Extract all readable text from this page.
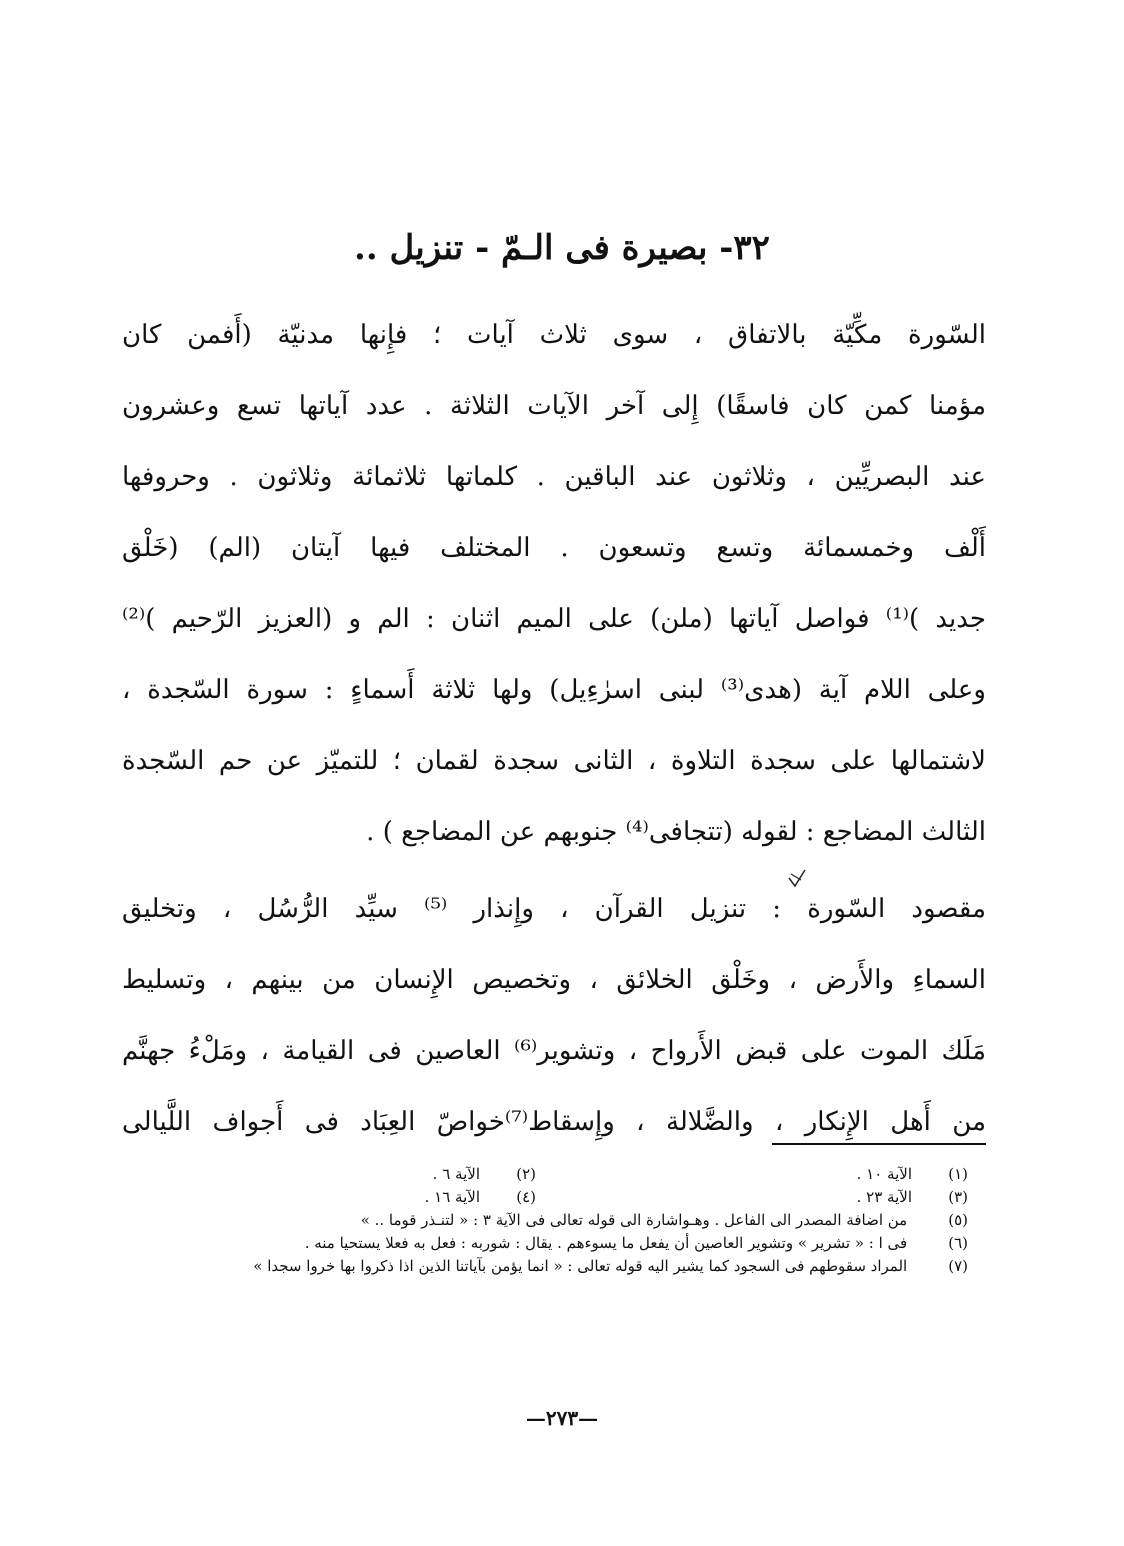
٣٢- بصيرة فى الـمّ - تنزيل ..
السّورة مكِّيّة بالاتفاق ، سوى ثلاث آيات ؛ فإِنها مدنيّة (أَفمن كان
مؤمنا كمن كان فاسقًا) إِلى آخر الآيات الثلاثة . عدد آياتها تسع وعشرون
عند البصريِّين ، وثلاثون عند الباقين . كلماتها ثلاثمائة وثلاثون . وحروفها
أَلْف وخمسمائة وتسع وتسعون . المختلف فيها آيتان (الم) (خَلْق
جديد )⁽¹⁾ فواصل آياتها (ملن) على الميم اثنان : الم و (العزيز الرّحيم )⁽²⁾
وعلى اللام آية (هدى⁽³⁾ لبنى اسرٰءِيل) ولها ثلاثة أَسماءٍ : سورة السّجدة ،
لاشتمالها على سجدة التلاوة ، الثانى سجدة لقمان ؛ للتميّز عن حم السّجدة
الثالث المضاجع : لقوله (تتجافى⁽⁴⁾ جنوبهم عن المضاجع ) .
مقصود السّورة : تنزيل القرآن ، وإِنذار ⁽⁵⁾ سيِّد الرُّسُل ، وتخليق
السماءِ والأَرض ، وخَلْق الخلائق ، وتخصيص الإِنسان من بينهم ، وتسليط
مَلَك الموت على قبض الأَرواح ، وتشوير⁽⁶⁾ العاصين فى القيامة ، ومَلْءُ جهنَّم
من أَهل الإِنكار ، والضَّلالة ، وإِسقاط⁽⁷⁾خواصّ العِبَاد فى أَجواف اللَّيالى
(١)
الآية ١٠ .
(٢)
الآية ٦ .
(٣)
الآية ٢٣ .
(٤)
الآية ١٦ .
(٥) من اضافة المصدر الى الفاعل . وهـواشارة الى قوله تعالى فى الآية ٣ : « لتنـذر قوما .. »
(٦) فى ا : « تشرير » وتشوير العاصين أن يفعل ما يسوءهم . يقال : شوربه : فعل به فعلا يستحيا منه .
(٧) المراد سقوطهم فى السجود كما يشير اليه قوله تعالى : « انما يؤمن بآياتنا الذين اذا ذكروا بها خروا سجدا »
—٢٧٣—
